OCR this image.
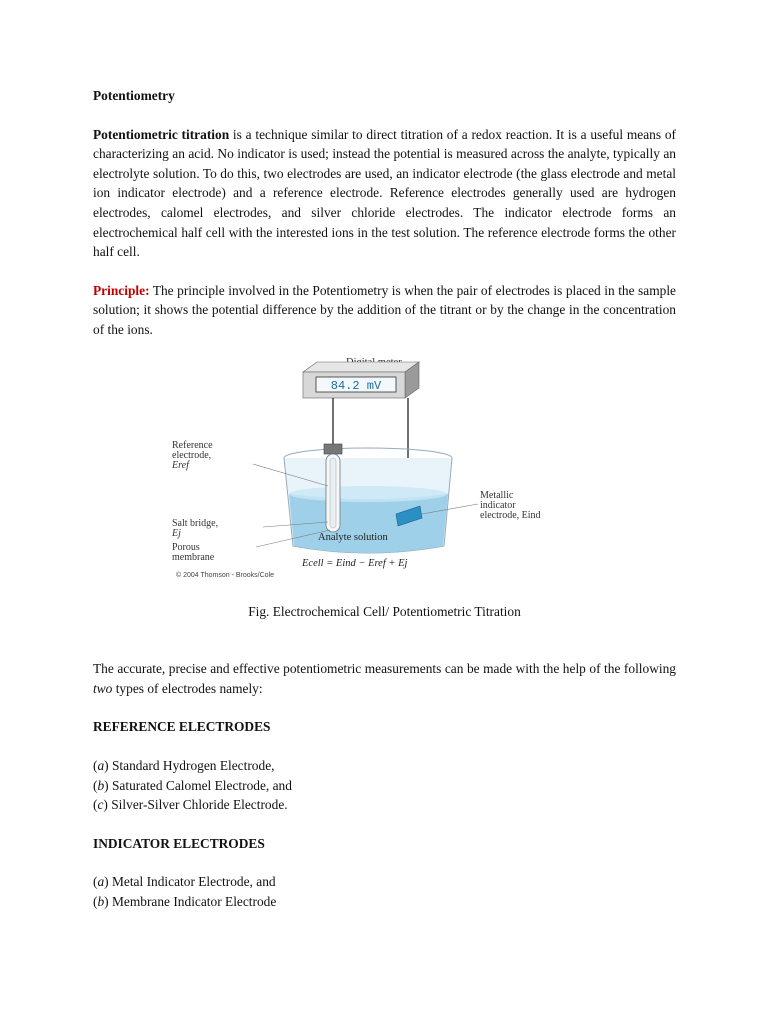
Potentiometry

Potentiometric titration is a technique similar to direct titration of a redox reaction. It is a useful means of characterizing an acid. No indicator is used; instead the potential is measured across the analyte, typically an electrolyte solution. To do this, two electrodes are used, an indicator electrode (the glass electrode and metal ion indicator electrode) and a reference electrode. Reference electrodes generally used are hydrogen electrodes, calomel electrodes, and silver chloride electrodes. The indicator electrode forms an electrochemical half cell with the interested ions in the test solution. The reference electrode forms the other half cell.

Principle: The principle involved in the Potentiometry is when the pair of electrodes is placed in the sample solution; it shows the potential difference by the addition of the titrant or by the change in the concentration of the ions.

84.2 mV
Reference electrode, Eref
Salt bridge, Ej
Porous membrane
Metallic indicator electrode, Eind
Analyte solution
Ecell = Eind − Eref + Ej
© 2004 Thomson - Brooks/Cole

Fig. Electrochemical Cell/ Potentiometric Titration

The accurate, precise and effective potentiometric measurements can be made with the help of the following two types of electrodes namely:

REFERENCE ELECTRODES
(a) Standard Hydrogen Electrode,
(b) Saturated Calomel Electrode, and
(c) Silver-Silver Chloride Electrode.
INDICATOR ELECTRODES
(a) Metal Indicator Electrode, and
(b) Membrane Indicator Electrode
